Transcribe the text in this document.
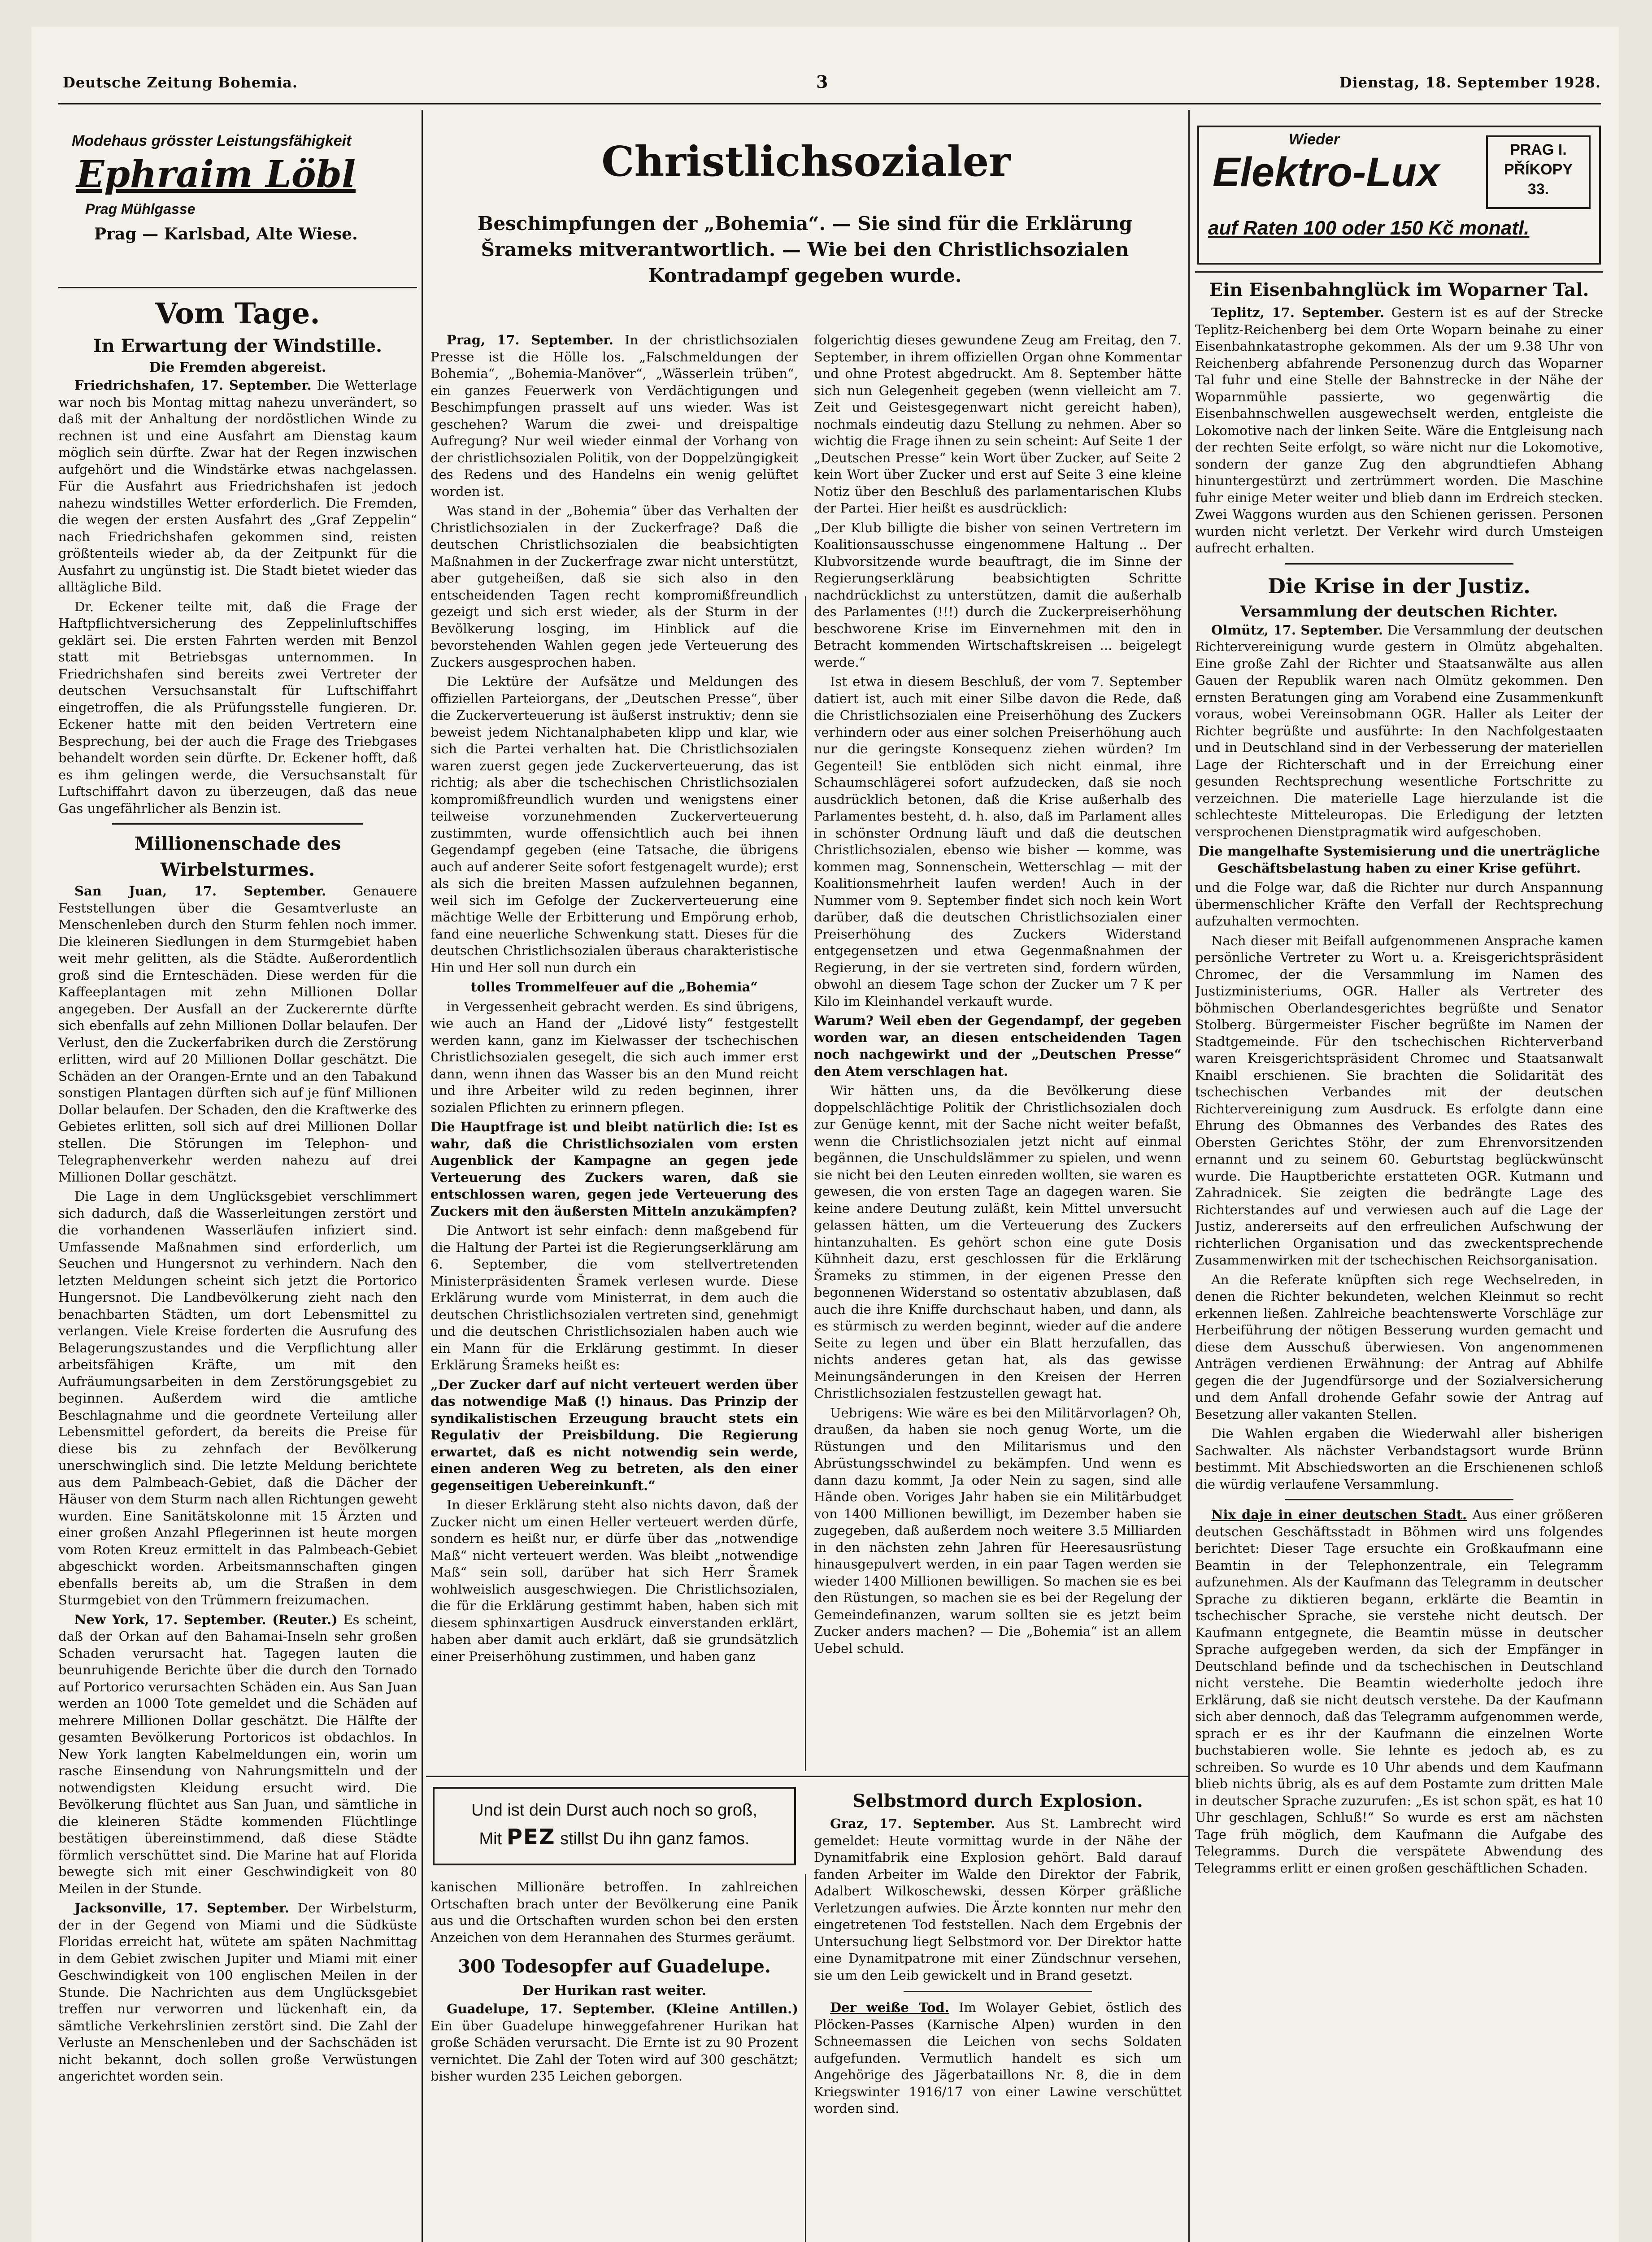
Deutsche Zeitung Bohemia.	3	Dienstag, 18. September 1928.
Modehaus grösster Leistungsfähigkeit
Ephraim Löbl
Prag Mühlgasse
Prag — Karlsbad, Alte Wiese.
Vom Tage.
In Erwartung der Windstille.
Die Fremden abgereist.

Friedrichshafen, 17. September. Die Wetterlage war noch bis Montag mittag nahezu unverändert, so daß mit der Anhaltung der nordöstlichen Winde zu rechnen ist und eine Ausfahrt am Dienstag kaum möglich sein dürfte. Zwar hat der Regen inzwischen aufgehört und die Windstärke etwas nachgelassen. Für die Ausfahrt aus Friedrichshafen ist jedoch nahezu windstilles Wetter erforderlich. Die Fremden, die wegen der ersten Ausfahrt des „Graf Zeppelin“ nach Friedrichshafen gekommen sind, reisten größtenteils wieder ab, da der Zeitpunkt für die Ausfahrt zu ungünstig ist. Die Stadt bietet wieder das alltägliche Bild.

Dr. Eckener teilte mit, daß die Frage der Haftpflichtversicherung des Zeppelinluftschiffes geklärt sei. Die ersten Fahrten werden mit Benzol statt mit Betriebsgas unternommen. In Friedrichshafen sind bereits zwei Vertreter der deutschen Versuchsanstalt für Luftschiffahrt eingetroffen, die als Prüfungsstelle fungieren. Dr. Eckener hatte mit den beiden Vertretern eine Besprechung, bei der auch die Frage des Triebgases behandelt worden sein dürfte. Dr. Eckener hofft, daß es ihm gelingen werde, die Versuchsanstalt für Luftschiffahrt davon zu überzeugen, daß das neue Gas ungefährlicher als Benzin ist.

Millionenschade des Wirbelsturmes.

San Juan, 17. September. Genauere Feststellungen über die Gesamtverluste an Menschenleben durch den Sturm fehlen noch immer. Die kleineren Siedlungen in dem Sturmgebiet haben weit mehr gelitten, als die Städte. Außerordentlich groß sind die Ernteschäden. Diese werden für die Kaffeeplantagen mit zehn Millionen Dollar angegeben. Der Ausfall an der Zuckerernte dürfte sich ebenfalls auf zehn Millionen Dollar belaufen. Der Verlust, den die Zuckerfabriken durch die Zerstörung erlitten, wird auf 20 Millionen Dollar geschätzt. Die Schäden an der Orangen-Ernte und an den Tabakund sonstigen Plantagen dürften sich auf je fünf Millionen Dollar belaufen. Der Schaden, den die Kraftwerke des Gebietes erlitten, soll sich auf drei Millionen Dollar stellen. Die Störungen im Telephon- und Telegraphenverkehr werden nahezu auf drei Millionen Dollar geschätzt.

Die Lage in dem Unglücksgebiet verschlimmert sich dadurch, daß die Wasserleitungen zerstört und die vorhandenen Wasserläufen infiziert sind. Umfassende Maßnahmen sind erforderlich, um Seuchen und Hungersnot zu verhindern. Nach den letzten Meldungen scheint sich jetzt die Portorico Hungersnot. Die Landbevölkerung zieht nach den benachbarten Städten, um dort Lebensmittel zu verlangen. Viele Kreise forderten die Ausrufung des Belagerungszustandes und die Verpflichtung aller arbeitsfähigen Kräfte, um mit den Aufräumungsarbeiten in dem Zerstörungsgebiet zu beginnen. Außerdem wird die amtliche Beschlagnahme und die geordnete Verteilung aller Lebensmittel gefordert, da bereits die Preise für diese bis zu zehnfach der Bevölkerung unerschwinglich sind. Die letzte Meldung berichtete aus dem Palmbeach-Gebiet, daß die Dächer der Häuser von dem Sturm nach allen Richtungen geweht wurden. Eine Sanitätskolonne mit 15 Ärzten und einer großen Anzahl Pflegerinnen ist heute morgen vom Roten Kreuz ermittelt in das Palmbeach-Gebiet abgeschickt worden. Arbeitsmannschaften gingen ebenfalls bereits ab, um die Straßen in dem Sturmgebiet von den Trümmern freizumachen.

New York, 17. September. (Reuter.) Es scheint, daß der Orkan auf den Bahamai-Inseln sehr großen Schaden verursacht hat. Tagegen lauten die beunruhigende Berichte über die durch den Tornado auf Portorico verursachten Schäden ein. Aus San Juan werden an 1000 Tote gemeldet und die Schäden auf mehrere Millionen Dollar geschätzt. Die Hälfte der gesamten Bevölkerung Portoricos ist obdachlos. In New York langten Kabelmeldungen ein, worin um rasche Einsendung von Nahrungsmitteln und der notwendigsten Kleidung ersucht wird. Die Bevölkerung flüchtet aus San Juan, und sämtliche in die kleineren Städte kommenden Flüchtlinge bestätigen übereinstimmend, daß diese Städte förmlich verschüttet sind. Die Marine hat auf Florida bewegte sich mit einer Geschwindigkeit von 80 Meilen in der Stunde.

Jacksonville, 17. September. Der Wirbelsturm, der in der Gegend von Miami und die Südküste Floridas erreicht hat, wütete am späten Nachmittag in dem Gebiet zwischen Jupiter und Miami mit einer Geschwindigkeit von 100 englischen Meilen in der Stunde. Die Nachrichten aus dem Unglücksgebiet treffen nur verworren und lückenhaft ein, da sämtliche Verkehrslinien zerstört sind. Die Zahl der Verluste an Menschenleben und der Sachschäden ist nicht bekannt, doch sollen große Verwüstungen angerichtet worden sein.

Christlichsozialer
Beschimpfungen der „Bohemia“. — Sie sind für die Erklärung Šrameks mitverantwortlich. — Wie bei den Christlichsozialen Kontradampf gegeben wurde.

Prag, 17. September. In der christlichsozialen Presse ist die Hölle los. „Falschmeldungen der Bohemia“, „Bohemia-Manöver“, „Wässerlein trüben“, ein ganzes Feuerwerk von Verdächtigungen und Beschimpfungen prasselt auf uns wieder. Was ist geschehen? Warum die zwei- und dreispaltige Aufregung? Nur weil wieder einmal der Vorhang von der christlichsozialen Politik, von der Doppelzüngigkeit des Redens und des Handelns ein wenig gelüftet worden ist.

Was stand in der „Bohemia“ über das Verhalten der Christlichsozialen in der Zuckerfrage? Daß die deutschen Christlichsozialen die beabsichtigten Maßnahmen in der Zuckerfrage zwar nicht unterstützt, aber gutgeheißen, daß sie sich also in den entscheidenden Tagen recht kompromißfreundlich gezeigt und sich erst wieder, als der Sturm in der Bevölkerung losging, im Hinblick auf die bevorstehenden Wahlen gegen jede Verteuerung des Zuckers ausgesprochen haben.

Die Lektüre der Aufsätze und Meldungen des offiziellen Parteiorgans, der „Deutschen Presse“, über die Zuckerverteuerung ist äußerst instruktiv; denn sie beweist jedem Nichtanalphabeten klipp und klar, wie sich die Partei verhalten hat. Die Christlichsozialen waren zuerst gegen jede Zuckerverteuerung, das ist richtig; als aber die tschechischen Christlichsozialen kompromißfreundlich wurden und wenigstens einer teilweise vorzunehmenden Zuckerverteuerung zustimmten, wurde offensichtlich auch bei ihnen Gegendampf gegeben (eine Tatsache, die übrigens auch auf anderer Seite sofort festgenagelt wurde); erst als sich die breiten Massen aufzulehnen begannen, weil sich im Gefolge der Zuckerverteuerung eine mächtige Welle der Erbitterung und Empörung erhob, fand eine neuerliche Schwenkung statt. Dieses für die deutschen Christlichsozialen überaus charakteristische Hin und Her soll nun durch ein

tolles Trommelfeuer auf die „Bohemia“

in Vergessenheit gebracht werden. Es sind übrigens, wie auch an Hand der „Lidové listy“ festgestellt werden kann, ganz im Kielwasser der tschechischen Christlichsozialen gesegelt, die sich auch immer erst dann, wenn ihnen das Wasser bis an den Mund reicht und ihre Arbeiter wild zu reden beginnen, ihrer sozialen Pflichten zu erinnern pflegen.

Die Hauptfrage ist und bleibt natürlich die: Ist es wahr, daß die Christlichsozialen vom ersten Augenblick der Kampagne an gegen jede Verteuerung des Zuckers waren, daß sie entschlossen waren, gegen jede Verteuerung des Zuckers mit den äußersten Mitteln anzukämpfen?

Die Antwort ist sehr einfach: denn maßgebend für die Haltung der Partei ist die Regierungserklärung am 6. September, die vom stellvertretenden Ministerpräsidenten Šramek verlesen wurde. Diese Erklärung wurde vom Ministerrat, in dem auch die deutschen Christlichsozialen vertreten sind, genehmigt und die deutschen Christlichsozialen haben auch wie ein Mann für die Erklärung gestimmt. In dieser Erklärung Šrameks heißt es:

„Der Zucker darf auf nicht verteuert werden über das notwendige Maß (!) hinaus. Das Prinzip der syndikalistischen Erzeugung braucht stets ein Regulativ der Preisbildung. Die Regierung erwartet, daß es nicht notwendig sein werde, einen anderen Weg zu betreten, als den einer gegenseitigen Uebereinkunft.“

In dieser Erklärung steht also nichts davon, daß der Zucker nicht um einen Heller verteuert werden dürfe, sondern es heißt nur, er dürfe über das „notwendige Maß“ nicht verteuert werden. Was bleibt „notwendige Maß“ sein soll, darüber hat sich Herr Šramek wohlweislich ausgeschwiegen. Die Christlichsozialen, die für die Erklärung gestimmt haben, haben sich mit diesem sphinxartigen Ausdruck einverstanden erklärt, haben aber damit auch erklärt, daß sie grundsätzlich einer Preiserhöhung zustimmen, und haben ganz

folgerichtig dieses gewundene Zeug am Freitag, den 7. September, in ihrem offiziellen Organ ohne Kommentar und ohne Protest abgedruckt. Am 8. September hätte sich nun Gelegenheit gegeben (wenn vielleicht am 7. Zeit und Geistesgegenwart nicht gereicht haben), nochmals eindeutig dazu Stellung zu nehmen. Aber so wichtig die Frage ihnen zu sein scheint: Auf Seite 1 der „Deutschen Presse“ kein Wort über Zucker, auf Seite 2 kein Wort über Zucker und erst auf Seite 3 eine kleine Notiz über den Beschluß des parlamentarischen Klubs der Partei. Hier heißt es ausdrücklich:

„Der Klub billigte die bisher von seinen Vertretern im Koalitionsausschusse eingenommene Haltung .. Der Klubvorsitzende wurde beauftragt, die im Sinne der Regierungserklärung beabsichtigten Schritte nachdrücklichst zu unterstützen, damit die außerhalb des Parlamentes (!!!) durch die Zuckerpreiserhöhung beschworene Krise im Einvernehmen mit den in Betracht kommenden Wirtschaftskreisen ... beigelegt werde.“

Ist etwa in diesem Beschluß, der vom 7. September datiert ist, auch mit einer Silbe davon die Rede, daß die Christlichsozialen eine Preiserhöhung des Zuckers verhindern oder aus einer solchen Preiserhöhung auch nur die geringste Konsequenz ziehen würden? Im Gegenteil! Sie entblöden sich nicht einmal, ihre Schaumschlägerei sofort aufzudecken, daß sie noch ausdrücklich betonen, daß die Krise außerhalb des Parlamentes besteht, d. h. also, daß im Parlament alles in schönster Ordnung läuft und daß die deutschen Christlichsozialen, ebenso wie bisher — komme, was kommen mag, Sonnenschein, Wetterschlag — mit der Koalitionsmehrheit laufen werden! Auch in der Nummer vom 9. September findet sich noch kein Wort darüber, daß die deutschen Christlichsozialen einer Preiserhöhung des Zuckers Widerstand entgegensetzen und etwa Gegenmaßnahmen der Regierung, in der sie vertreten sind, fordern würden, obwohl an diesem Tage schon der Zucker um 7 K per Kilo im Kleinhandel verkauft wurde.

Warum? Weil eben der Gegendampf, der gegeben worden war, an diesen entscheidenden Tagen noch nachgewirkt und der „Deutschen Presse“ den Atem verschlagen hat.

Wir hätten uns, da die Bevölkerung diese doppelschlächtige Politik der Christlichsozialen doch zur Genüge kennt, mit der Sache nicht weiter befaßt, wenn die Christlichsozialen jetzt nicht auf einmal begännen, die Unschuldslämmer zu spielen, und wenn sie nicht bei den Leuten einreden wollten, sie waren es gewesen, die von ersten Tage an dagegen waren. Sie keine andere Deutung zuläßt, kein Mittel unversucht gelassen hätten, um die Verteuerung des Zuckers hintanzuhalten. Es gehört schon eine gute Dosis Kühnheit dazu, erst geschlossen für die Erklärung Šrameks zu stimmen, in der eigenen Presse den begonnenen Widerstand so ostentativ abzublasen, daß auch die ihre Kniffe durchschaut haben, und dann, als es stürmisch zu werden beginnt, wieder auf die andere Seite zu legen und über ein Blatt herzufallen, das nichts anderes getan hat, als das gewisse Meinungsänderungen in den Kreisen der Herren Christlichsozialen festzustellen gewagt hat.

Uebrigens: Wie wäre es bei den Militärvorlagen? Oh, draußen, da haben sie noch genug Worte, um die Rüstungen und den Militarismus und den Abrüstungsschwindel zu bekämpfen. Und wenn es dann dazu kommt, Ja oder Nein zu sagen, sind alle Hände oben. Voriges Jahr haben sie ein Militärbudget von 1400 Millionen bewilligt, im Dezember haben sie zugegeben, daß außerdem noch weitere 3.5 Milliarden in den nächsten zehn Jahren für Heeresausrüstung hinausgepulvert werden, in ein paar Tagen werden sie wieder 1400 Millionen bewilligen. So machen sie es bei den Rüstungen, so machen sie es bei der Regelung der Gemeindefinanzen, warum sollten sie es jetzt beim Zucker anders machen? — Die „Bohemia“ ist an allem Uebel schuld.

Und ist dein Durst auch noch so groß,
Mit PEZ stillst Du ihn ganz famos.

kanischen Millionäre betroffen. In zahlreichen Ortschaften brach unter der Bevölkerung eine Panik aus und die Ortschaften wurden schon bei den ersten Anzeichen von dem Herannahen des Sturmes geräumt.

300 Todesopfer auf Guadelupe.
Der Hurikan rast weiter.

Guadelupe, 17. September. (Kleine Antillen.) Ein über Guadelupe hinweggefahrener Hurikan hat große Schäden verursacht. Die Ernte ist zu 90 Prozent vernichtet. Die Zahl der Toten wird auf 300 geschätzt; bisher wurden 235 Leichen geborgen.

Selbstmord durch Explosion.

Graz, 17. September. Aus St. Lambrecht wird gemeldet: Heute vormittag wurde in der Nähe der Dynamitfabrik eine Explosion gehört. Bald darauf fanden Arbeiter im Walde den Direktor der Fabrik, Adalbert Wilkoschewski, dessen Körper gräßliche Verletzungen aufwies. Die Ärzte konnten nur mehr den eingetretenen Tod feststellen. Nach dem Ergebnis der Untersuchung liegt Selbstmord vor. Der Direktor hatte eine Dynamitpatrone mit einer Zündschnur versehen, sie um den Leib gewickelt und in Brand gesetzt.

Der weiße Tod. Im Wolayer Gebiet, östlich des Plöcken-Passes (Karnische Alpen) wurden in den Schneemassen die Leichen von sechs Soldaten aufgefunden. Vermutlich handelt es sich um Angehörige des Jägerbataillons Nr. 8, die in dem Kriegswinter 1916/17 von einer Lawine verschüttet worden sind.

Wieder
Elektro-Lux	PRAG I.
PŘÍKOPY
33.
auf Raten 100 oder 150 Kč monatl.
Ein Eisenbahnglück im Woparner Tal.

Teplitz, 17. September. Gestern ist es auf der Strecke Teplitz-Reichenberg bei dem Orte Woparn beinahe zu einer Eisenbahnkatastrophe gekommen. Als der um 9.38 Uhr von Reichenberg abfahrende Personenzug durch das Woparner Tal fuhr und eine Stelle der Bahnstrecke in der Nähe der Woparnmühle passierte, wo gegenwärtig die Eisenbahnschwellen ausgewechselt werden, entgleiste die Lokomotive nach der linken Seite. Wäre die Entgleisung nach der rechten Seite erfolgt, so wäre nicht nur die Lokomotive, sondern der ganze Zug den abgrundtiefen Abhang hinuntergestürzt und zertrümmert worden. Die Maschine fuhr einige Meter weiter und blieb dann im Erdreich stecken. Zwei Waggons wurden aus den Schienen gerissen. Personen wurden nicht verletzt. Der Verkehr wird durch Umsteigen aufrecht erhalten.

Die Krise in der Justiz.
Versammlung der deutschen Richter.

Olmütz, 17. September. Die Versammlung der deutschen Richtervereinigung wurde gestern in Olmütz abgehalten. Eine große Zahl der Richter und Staatsanwälte aus allen Gauen der Republik waren nach Olmütz gekommen. Den ernsten Beratungen ging am Vorabend eine Zusammenkunft voraus, wobei Vereinsobmann OGR. Haller als Leiter der Richter begrüßte und ausführte: In den Nachfolgestaaten und in Deutschland sind in der Verbesserung der materiellen Lage der Richterschaft und in der Erreichung einer gesunden Rechtsprechung wesentliche Fortschritte zu verzeichnen. Die materielle Lage hierzulande ist die schlechteste Mitteleuropas. Die Erledigung der letzten versprochenen Dienstpragmatik wird aufgeschoben.

Die mangelhafte Systemisierung und die unerträgliche Geschäftsbelastung haben zu einer Krise geführt.

und die Folge war, daß die Richter nur durch Anspannung übermenschlicher Kräfte den Verfall der Rechtsprechung aufzuhalten vermochten.

Nach dieser mit Beifall aufgenommenen Ansprache kamen persönliche Vertreter zu Wort u. a. Kreisgerichtspräsident Chromec, der die Versammlung im Namen des Justizministeriums, OGR. Haller als Vertreter des böhmischen Oberlandesgerichtes begrüßte und Senator Stolberg. Bürgermeister Fischer begrüßte im Namen der Stadtgemeinde. Für den tschechischen Richterverband waren Kreisgerichtspräsident Chromec und Staatsanwalt Knaibl erschienen. Sie brachten die Solidarität des tschechischen Verbandes mit der deutschen Richtervereinigung zum Ausdruck. Es erfolgte dann eine Ehrung des Obmannes des Verbandes des Rates des Obersten Gerichtes Stöhr, der zum Ehrenvorsitzenden ernannt und zu seinem 60. Geburtstag beglückwünscht wurde. Die Hauptberichte erstatteten OGR. Kutmann und Zahradnicek. Sie zeigten die bedrängte Lage des Richterstandes auf und verwiesen auch auf die Lage der Justiz, andererseits auf den erfreulichen Aufschwung der richterlichen Organisation und das zweckentsprechende Zusammenwirken mit der tschechischen Reichsorganisation.

An die Referate knüpften sich rege Wechselreden, in denen die Richter bekundeten, welchen Kleinmut so recht erkennen ließen. Zahlreiche beachtenswerte Vorschläge zur Herbeiführung der nötigen Besserung wurden gemacht und diese dem Ausschuß überwiesen. Von angenommenen Anträgen verdienen Erwähnung: der Antrag auf Abhilfe gegen die der Jugendfürsorge und der Sozialversicherung und dem Anfall drohende Gefahr sowie der Antrag auf Besetzung aller vakanten Stellen.

Die Wahlen ergaben die Wiederwahl aller bisherigen Sachwalter. Als nächster Verbandstagsort wurde Brünn bestimmt. Mit Abschiedsworten an die Erschienenen schloß die würdig verlaufene Versammlung.

Nix daje in einer deutschen Stadt. Aus einer größeren deutschen Geschäftsstadt in Böhmen wird uns folgendes berichtet: Dieser Tage ersuchte ein Großkaufmann eine Beamtin in der Telephonzentrale, ein Telegramm aufzunehmen. Als der Kaufmann das Telegramm in deutscher Sprache zu diktieren begann, erklärte die Beamtin in tschechischer Sprache, sie verstehe nicht deutsch. Der Kaufmann entgegnete, die Beamtin müsse in deutscher Sprache aufgegeben werden, da sich der Empfänger in Deutschland befinde und da tschechischen in Deutschland nicht verstehe. Die Beamtin wiederholte jedoch ihre Erklärung, daß sie nicht deutsch verstehe. Da der Kaufmann sich aber dennoch, daß das Telegramm aufgenommen werde, sprach er es ihr der Kaufmann die einzelnen Worte buchstabieren wolle. Sie lehnte es jedoch ab, es zu schreiben. So wurde es 10 Uhr abends und dem Kaufmann blieb nichts übrig, als es auf dem Postamte zum dritten Male in deutscher Sprache zuzurufen: „Es ist schon spät, es hat 10 Uhr geschlagen, Schluß!“ So wurde es erst am nächsten Tage früh möglich, dem Kaufmann die Aufgabe des Telegramms. Durch die verspätete Abwendung des Telegramms erlitt er einen großen geschäftlichen Schaden.
